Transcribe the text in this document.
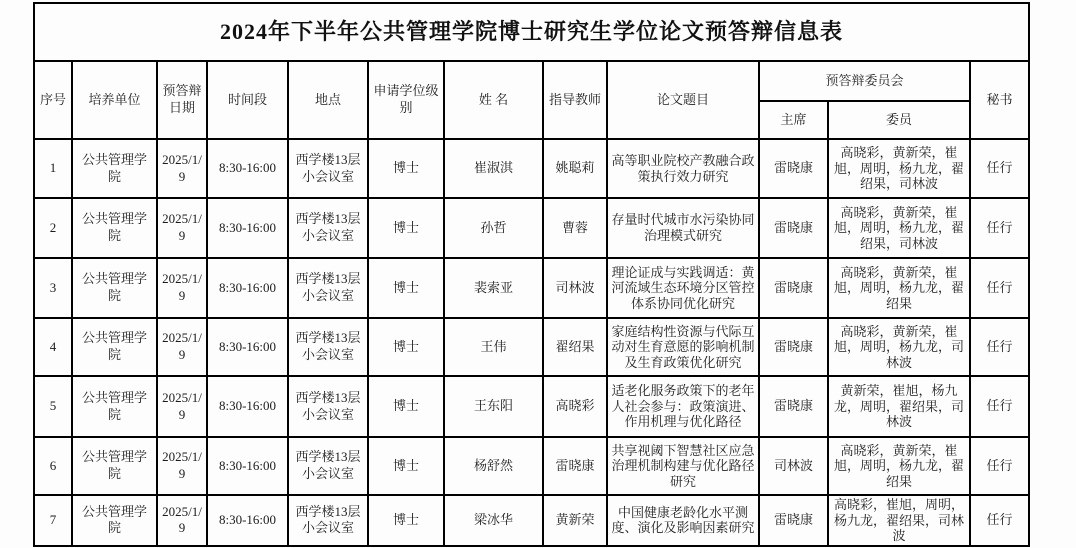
2024年下半年公共管理学院博士研究生学位论文预答辩信息表											
序号	培养单位	预答辩日期	时间段	地点	申请学位级别	姓 名	指导教师	论文题目	预答辩委员会		秘书
									主席	委员	
1	公共管理学院	2025/1/9	8:30-16:00	西学楼13层小会议室	博士	崔淑淇	姚聪莉	高等职业院校产教融合政策执行效力研究	雷晓康	高晓彩，黄新荣，崔旭，周明，杨九龙，翟绍果，司林波	任行
2	公共管理学院	2025/1/9	8:30-16:00	西学楼13层小会议室	博士	孙哲	曹蓉	存量时代城市水污染协同治理模式研究	雷晓康	高晓彩，黄新荣，崔旭，周明，杨九龙，翟绍果，司林波	任行
3	公共管理学院	2025/1/9	8:30-16:00	西学楼13层小会议室	博士	裴索亚	司林波	理论证成与实践调适：黄河流域生态环境分区管控体系协同优化研究	雷晓康	高晓彩，黄新荣，崔旭，周明，杨九龙，翟绍果	任行
4	公共管理学院	2025/1/9	8:30-16:00	西学楼13层小会议室	博士	王伟	翟绍果	家庭结构性资源与代际互动对生育意愿的影响机制及生育政策优化研究	雷晓康	高晓彩，黄新荣，崔旭，周明，杨九龙，司林波	任行
5	公共管理学院	2025/1/9	8:30-16:00	西学楼13层小会议室	博士	王东阳	高晓彩	适老化服务政策下的老年人社会参与：政策演进、作用机理与优化路径	雷晓康	黄新荣，崔旭，杨九龙，周明，翟绍果，司林波	任行
6	公共管理学院	2025/1/9	8:30-16:00	西学楼13层小会议室	博士	杨舒然	雷晓康	共享视阈下智慧社区应急治理机制构建与优化路径研究	司林波	高晓彩，黄新荣，崔旭，周明，杨九龙，翟绍果	任行
7	公共管理学院	2025/1/9	8:30-16:00	西学楼13层小会议室	博士	梁冰华	黄新荣	中国健康老龄化水平测度、演化及影响因素研究	雷晓康	高晓彩，崔旭，周明，杨九龙，翟绍果，司林波	任行
